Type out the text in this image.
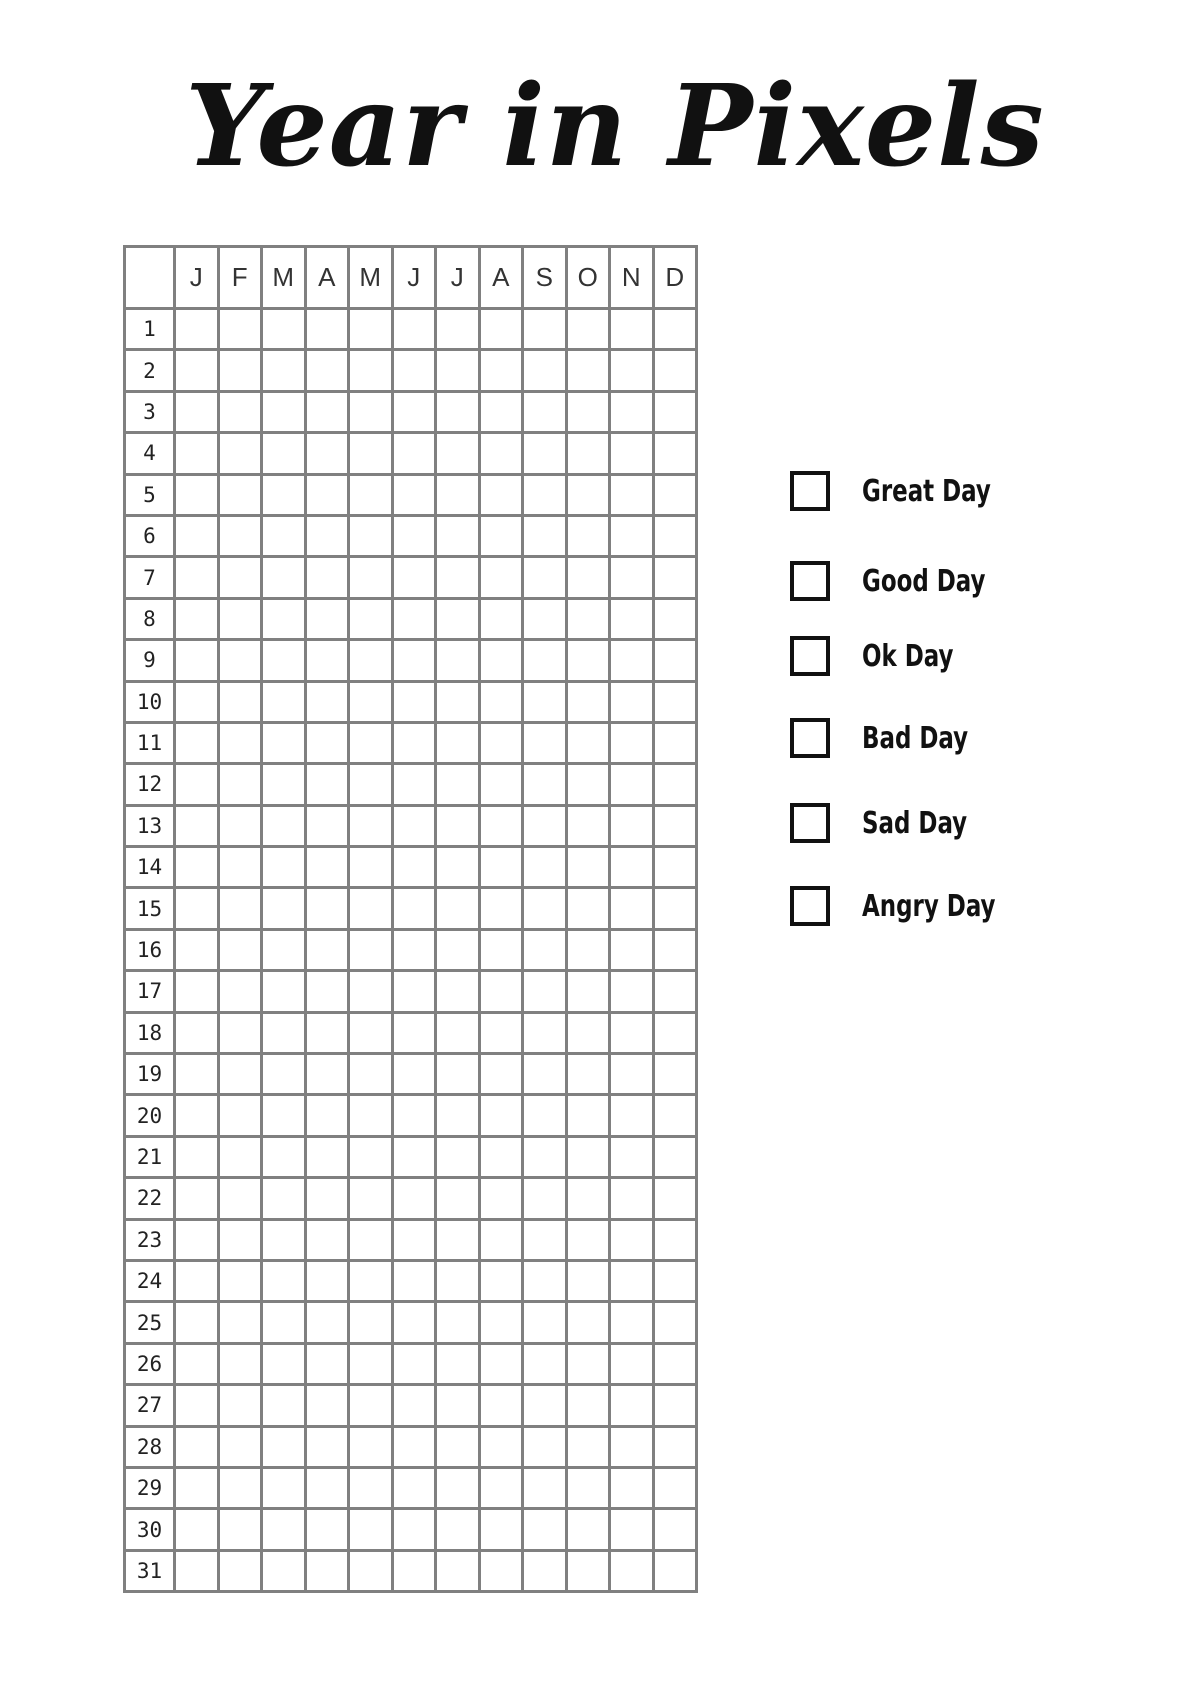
Year in Pixels
	J	F	M	A	M	J	J	A	S	O	N	D
1												
2												
3												
4												
5												
6												
7												
8												
9												
10												
11												
12												
13												
14												
15												
16												
17												
18												
19												
20												
21												
22												
23												
24												
25												
26												
27												
28												
29												
30												
31												
Great Day
Good Day
Ok Day
Bad Day
Sad Day
Angry Day
